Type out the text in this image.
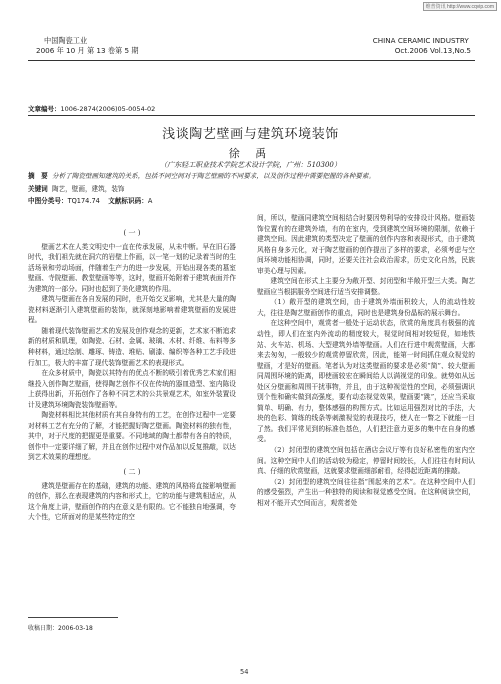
维普资讯 http://www.cqvip.com
中国陶瓷工业
2006 年 10 月 第 13 卷第 5 期
CHINA CERAMIC INDUSTRY
Oct.2006 Vol.13,No.5
文章编号：1006-2874(2006)05-0054-02
浅谈陶艺壁画与建筑环境装饰
徐 禹
（广东轻工职业技术学院艺术设计学院，广州：510300）
摘　要 分析了陶瓷壁画知建筑的关系，包括不同空间对于陶艺壁画的不同要求，以及创作过程中需要把握的各种要素。
关键词 陶艺，壁画，建筑，装饰
中图分类号：TQ174.74 文献标识码：A

( 一 )

壁画艺术在人类文明史中一直在传承发展，从未中断。早在旧石器时代，我们祖先就在洞穴的岩壁上作画，以一笔一划的记录着当时的生活场景和劳动场面，伴随着生产力的进一步发展，开始出现各类的墓室壁画、寺院壁画、教堂壁画等等，这时，壁画开始附着于建筑表面并作为建筑的一部分。同时也起到了美化建筑的作用。

建筑与壁画在各自发展的同时，也开始交叉影响，尤其是大量的陶瓷材料逐渐引入建筑壁画的装饰，就深刻地影响着建筑壁画的发展进程。

随着现代装饰壁画艺术的发展及创作观念的更新，艺术家不断追求新的材质和肌理，如陶瓷、石材、金属、玻璃、木材、纤维、布料等多种材料，通过绘制、雕琢、铸造、堆贴、刷漆、编织等各种工艺手段进行加工，极大的丰富了现代装饰壁画艺术的表现形式。

在众多材质中，陶瓷以其特有的优点不断的吸引着优秀艺术家们相继投入创作陶艺壁画，使得陶艺创作不仅在传统的器皿造型、室内陈设上获得出新，开拓创作了各种不同艺术的公共景观艺术，如室外装置设计及建筑环境陶瓷装饰壁画等。

陶瓷材料相比其他材质有其自身特有的工艺，在创作过程中一定要对材料工艺有充分的了解，才能把握好陶艺壁画。陶瓷材料的独有性，其中，对于尺度的把握更是重要。不同地域的陶土都带有各自的特质，创作中一定要详细了解，并且在创作过程中对作品加以反复推敲，以达到艺术效果的理想度。

( 二 )

建筑是壁画存在的基础，建筑的功能、建筑的风格将直接影响壁画的创作，那么在表现建筑的内容和形式上，它的功能与建筑相适应，从这个角度上讲，壁画创作的内在意义是有限的。它不能独自地强调，夸大个性，它所面对的是某些特定的空

间，所以，壁画同建筑空间相结合时要因势利导的安排设计风格。壁画装饰位置有的在建筑外墙，有的在室内，受到建筑空间环境的限制，依赖于建筑空间。因此建筑的类型决定了壁画的创作内容和表现形式，由于建筑风格自身多元化，对于陶艺壁画的创作提出了多样的要求，必须考虑与空间环境功能相协调，同时，还要关注社会政治需求，历史文化自然，民族审美心理与因素。

建筑空间在形式上主要分为敞开型、封闭型和半敞开型三大类。陶艺壁画应当根据服务空间进行适当安排调整。

（1）敞开型的建筑空间，由于建筑外墙面积较大，人的流动性较大，往往是陶艺壁画创作的重点，同时也是建筑身份晶标的展示舞台。

在这种空间中，观赏者一般处于运动状态，欣赏的角度具有极强的流动性，即人们在室内外流动的精度较大，视觉时间相对较短促，如地铁站、火车站、机场、大型建筑外墙等壁画。人们在行进中观赏壁画，大都来去匆匆，一般较少的观赏停留欣赏，因此，能第一时间抓住观众视觉的壁画，才是好的壁画。笔者认为对这类壁画的要求是必须“简”、较大壁画同周围环境的距离，即使画较宏在瞬间给人以满视觉的印象。就势如从远处区分壁画和周围干扰事物，并且，由于这种视觉性的空间，必须强调识别个性和确实做到高强度，要有动态视觉效果，壁画要“跳”，还应当采取简单、明确、有力，整体感强的构图方式。比如运用强烈对比的手法，大块的色彩、简练的线条等刺激视觉的表现技巧，使人在一瞥之下就能一目了然。我们平常见到的标准色基色，人们把注意力更多的集中在自身的感受。

（2）封闭型的建筑空间包括在酒店会议厅等有良好私密性的室内空间。这种空间中人们的活动较为稳定，停留时间较长，人们往往有时间认真、仔细的欣赏壁画，这就要求壁画细部耐看，经得起近距离的推敲。

（2）封闭型的建筑空间往往指“围起来的艺术”。在这种空间中人们的感受强烈，产生出一种独特的阅读和视觉感受空间。在这种阅读空间，相对不能开式空间而言，观赏者处

收稿日期：2006-03-18
54
